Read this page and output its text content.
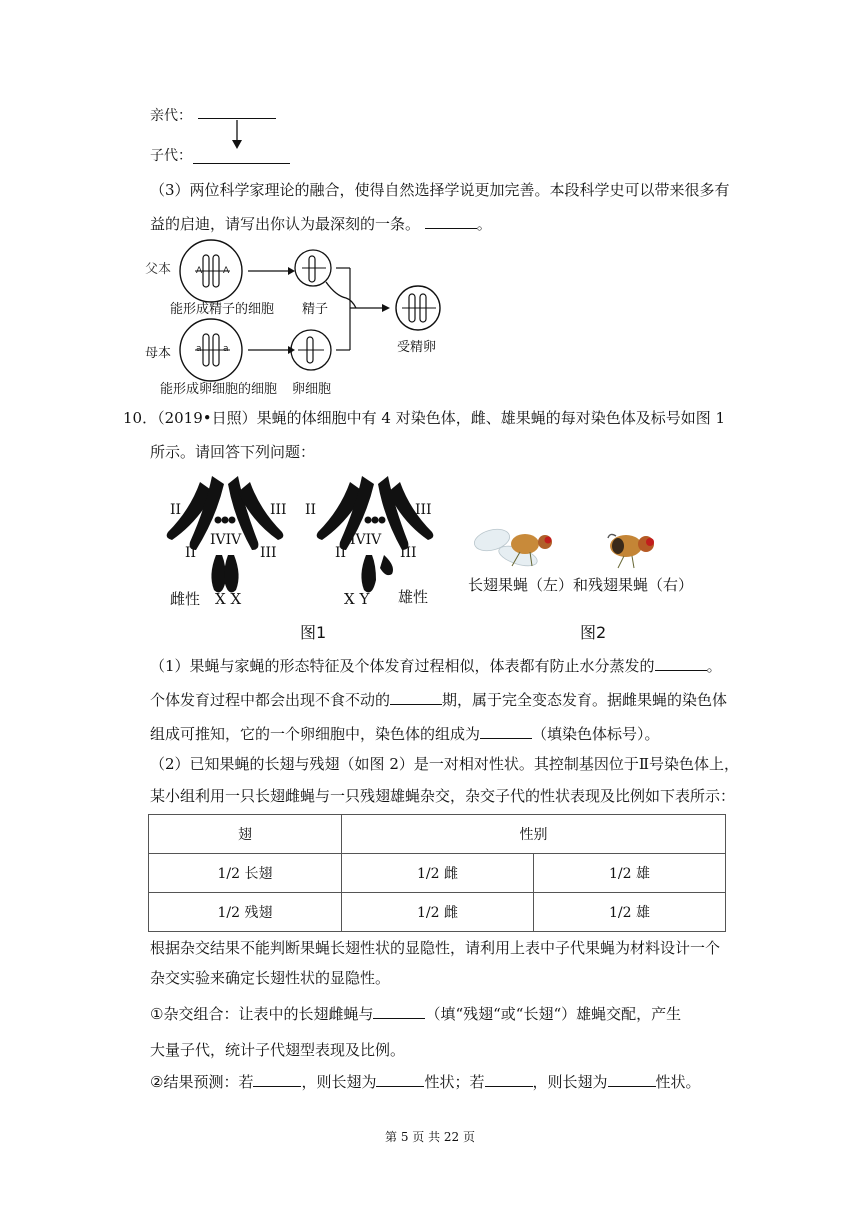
亲代：
子代：
（3）两位科学家理论的融合，使得自然选择学说更加完善。本段科学史可以带来很多有
益的启迪，请写出你认为最深刻的一条。	。
父本
母本
A A
a a
能形成精子的细胞 精子
能形成卵细胞的细胞 卵细胞
受精卵
10．（2019•日照）果蝇的体细胞中有 4 对染色体，雌、雄果蝇的每对染色体及标号如图 1
所示。请回答下列问题：
II	III
IVIV
II	III
II	III
IVIV
II	III
雌性 X X	X Y 雄性
图1
长翅果蝇（左）和残翅果蝇（右）
图2
（1）果蝇与家蝇的形态特征及个体发育过程相似，体表都有防止水分蒸发的	。
个体发育过程中都会出现不食不动的	期，属于完全变态发育。据雌果蝇的染色体
组成可推知，它的一个卵细胞中，染色体的组成为	（填染色体标号）。
（2）已知果蝇的长翅与残翅（如图 2）是一对相对性状。其控制基因位于Ⅱ号染色体上，
某小组利用一只长翅雌蝇与一只残翅雄蝇杂交，杂交子代的性状表现及比例如下表所示：
翅	性别	
1/2 长翅	1/2 雌	1/2 雄
1/2 残翅	1/2 雌	1/2 雄
根据杂交结果不能判断果蝇长翅性状的显隐性，请利用上表中子代果蝇为材料设计一个
杂交实验来确定长翅性状的显隐性。
①杂交组合：让表中的长翅雌蝇与	（填“残翅“或“长翅“）雄蝇交配，产生
大量子代，统计子代翅型表现及比例。
②结果预测：若	，则长翅为	性状；若	，则长翅为	性状。
第 5 页 共 22 页
